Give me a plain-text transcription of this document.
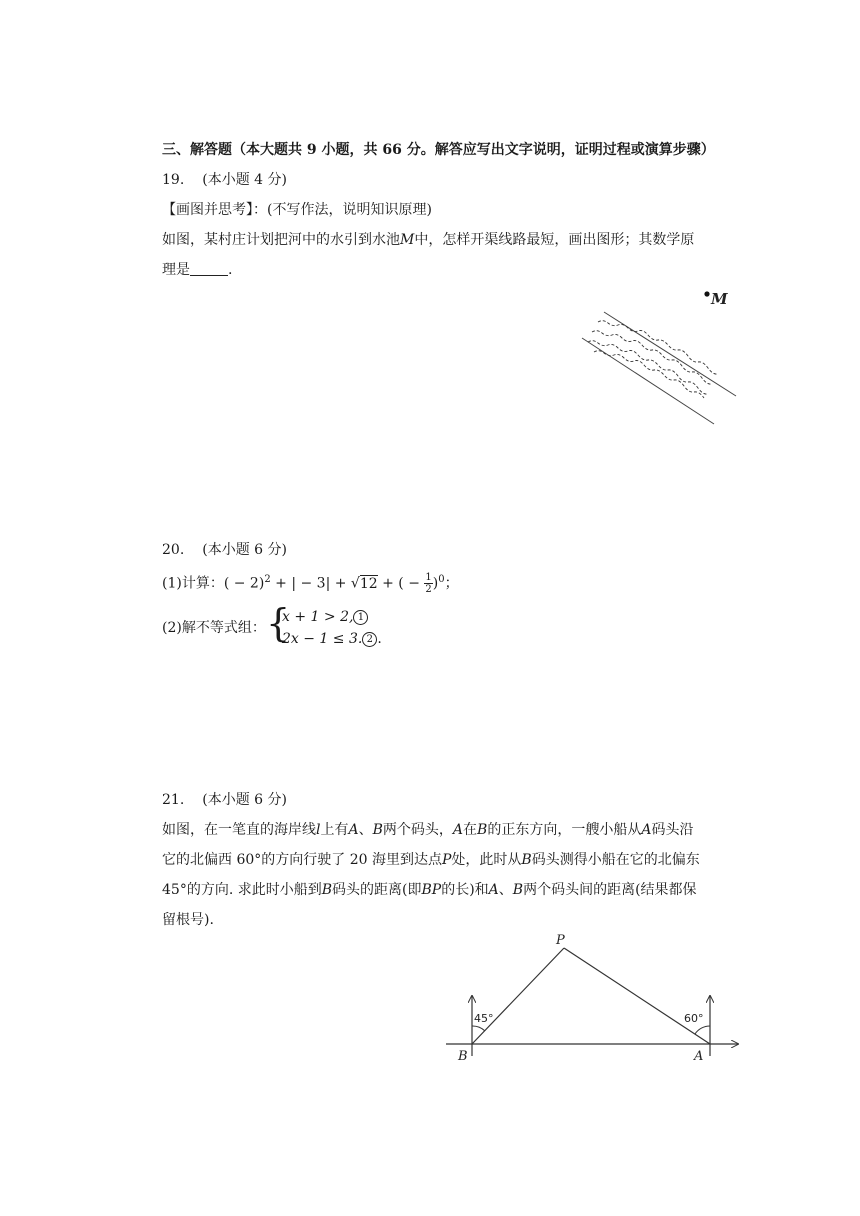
三、解答题（本大题共 9 小题，共 66 分。解答应写出文字说明，证明过程或演算步骤）
19. (本小题 4 分)
【画图并思考】：(不写作法，说明知识原理)
如图，某村庄计划把河中的水引到水池M中，怎样开渠线路最短，画出图形；其数学原
理是	.
M
20. (本小题 6 分)
(1)计算：( − 2)$^2$ + | − 3| + √12 + ( − $\frac{1}{2} )^0$；
(2)解不等式组： {
x + 1 > 2, 1
2x − 1 ≤ 3. 2 .
21. (本小题 6 分)
如图，在一笔直的海岸线l上有A、B两个码头，A在B的正东方向，一艘小船从A码头沿
它的北偏西 60°的方向行驶了 20 海里到达点P处，此时从B码头测得小船在它的北偏东
45°的方向. 求此时小船到B码头的距离(即BP的长)和A、B两个码头间的距离(结果都保
留根号).
P
B	A
45°	60°
